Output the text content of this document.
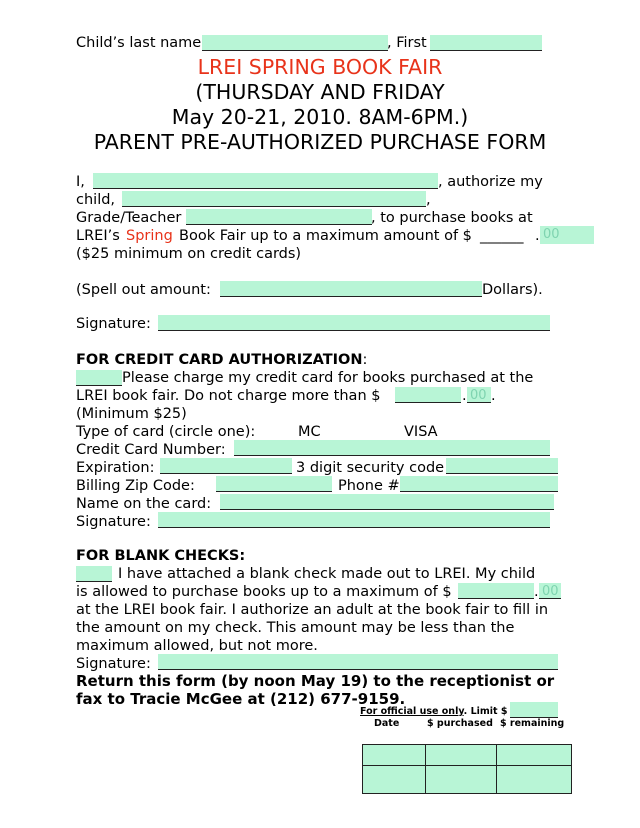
Child’s last name	, First
LREI SPRING BOOK FAIR
(THURSDAY AND FRIDAY
May 20-21, 2010. 8AM-6PM.)
PARENT PRE-AUTHORIZED PURCHASE FORM
I,	, authorize my
child,	,
Grade/Teacher	, to purchase books at
LREI’s Spring Book Fair up to a maximum amount of $ ______ . 00
($25 minimum on credit cards)
(Spell out amount:	Dollars).
Signature:
FOR CREDIT CARD AUTHORIZATION:
Please charge my credit card for books purchased at the
LREI book fair. Do not charge more than $	. 00 .
(Minimum $25)
Type of card (circle one):	MC	VISA
Credit Card Number:
Expiration:	3 digit security code
Billing Zip Code:	Phone #
Name on the card:
Signature:
FOR BLANK CHECKS:
I have attached a blank check made out to LREI. My child
is allowed to purchase books up to a maximum of $	. 00
at the LREI book fair. I authorize an adult at the book fair to fill in
the amount on my check. This amount may be less than the
maximum allowed, but not more.
Signature:
Return this form (by noon May 19) to the receptionist or
fax to Tracie McGee at (212) 677-9159.
For official use only. Limit $
Date	$ purchased $ remaining
